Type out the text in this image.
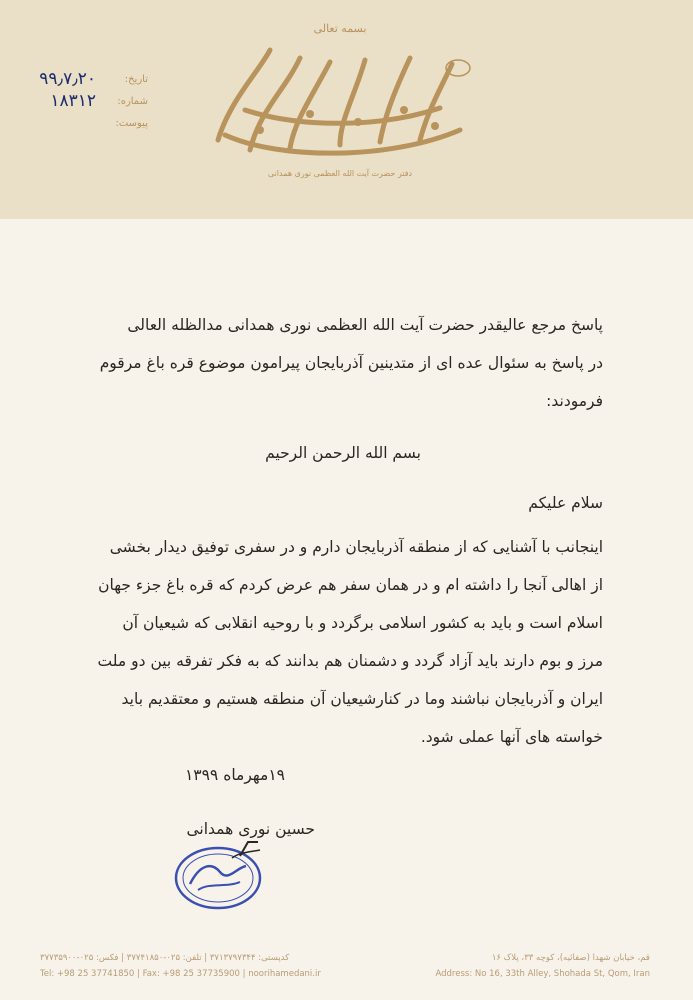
بسمه تعالی
دفتر حضرت آیت الله العظمی نوری همدانی
تاریخ:
۹۹٫۷٫۲۰
شماره:
۱۸۳۱۲
پیوست:
پاسخ مرجع عالیقدر حضرت آیت الله العظمی نوری همدانی مدالظله العالی
در پاسخ به سئوال عده ای از متدینین آذربایجان پیرامون موضوع قره باغ مرقوم
فرمودند:
بسم الله الرحمن الرحیم
سلام علیکم
اینجانب با آشنایی که از منطقه آذربایجان دارم و در سفری توفیق دیدار بخشی
از اهالی آنجا را داشته ام و در همان سفر هم عرض کردم که قره باغ جزء جهان
اسلام است و باید به کشور اسلامی برگردد و با روحیه انقلابی که شیعیان آن
مرز و بوم دارند باید آزاد گردد و دشمنان هم بدانند که به فکر تفرقه بین دو ملت
ایران و آذربایجان نباشند وما در کنارشیعیان آن منطقه هستیم و معتقدیم باید
خواسته های آنها عملی شود.
۱۹مهرماه ۱۳۹۹
حسین نوری همدانی
قم، خیابان شهدا (صفائیه)، کوچه ۳۳، پلاک ۱۶
کدپستی: ۳۷۱۳۷۹۷۳۴۴ | تلفن: ۰۲۵-۳۷۷۴۱۸۵۰ | فکس: ۰۲۵-۳۷۷۳۵۹۰۰
Address: No 16, 33th Alley, Shohada St, Qom, Iran
Tel: +98 25 37741850 | Fax: +98 25 37735900 | noorihamedani.ir
